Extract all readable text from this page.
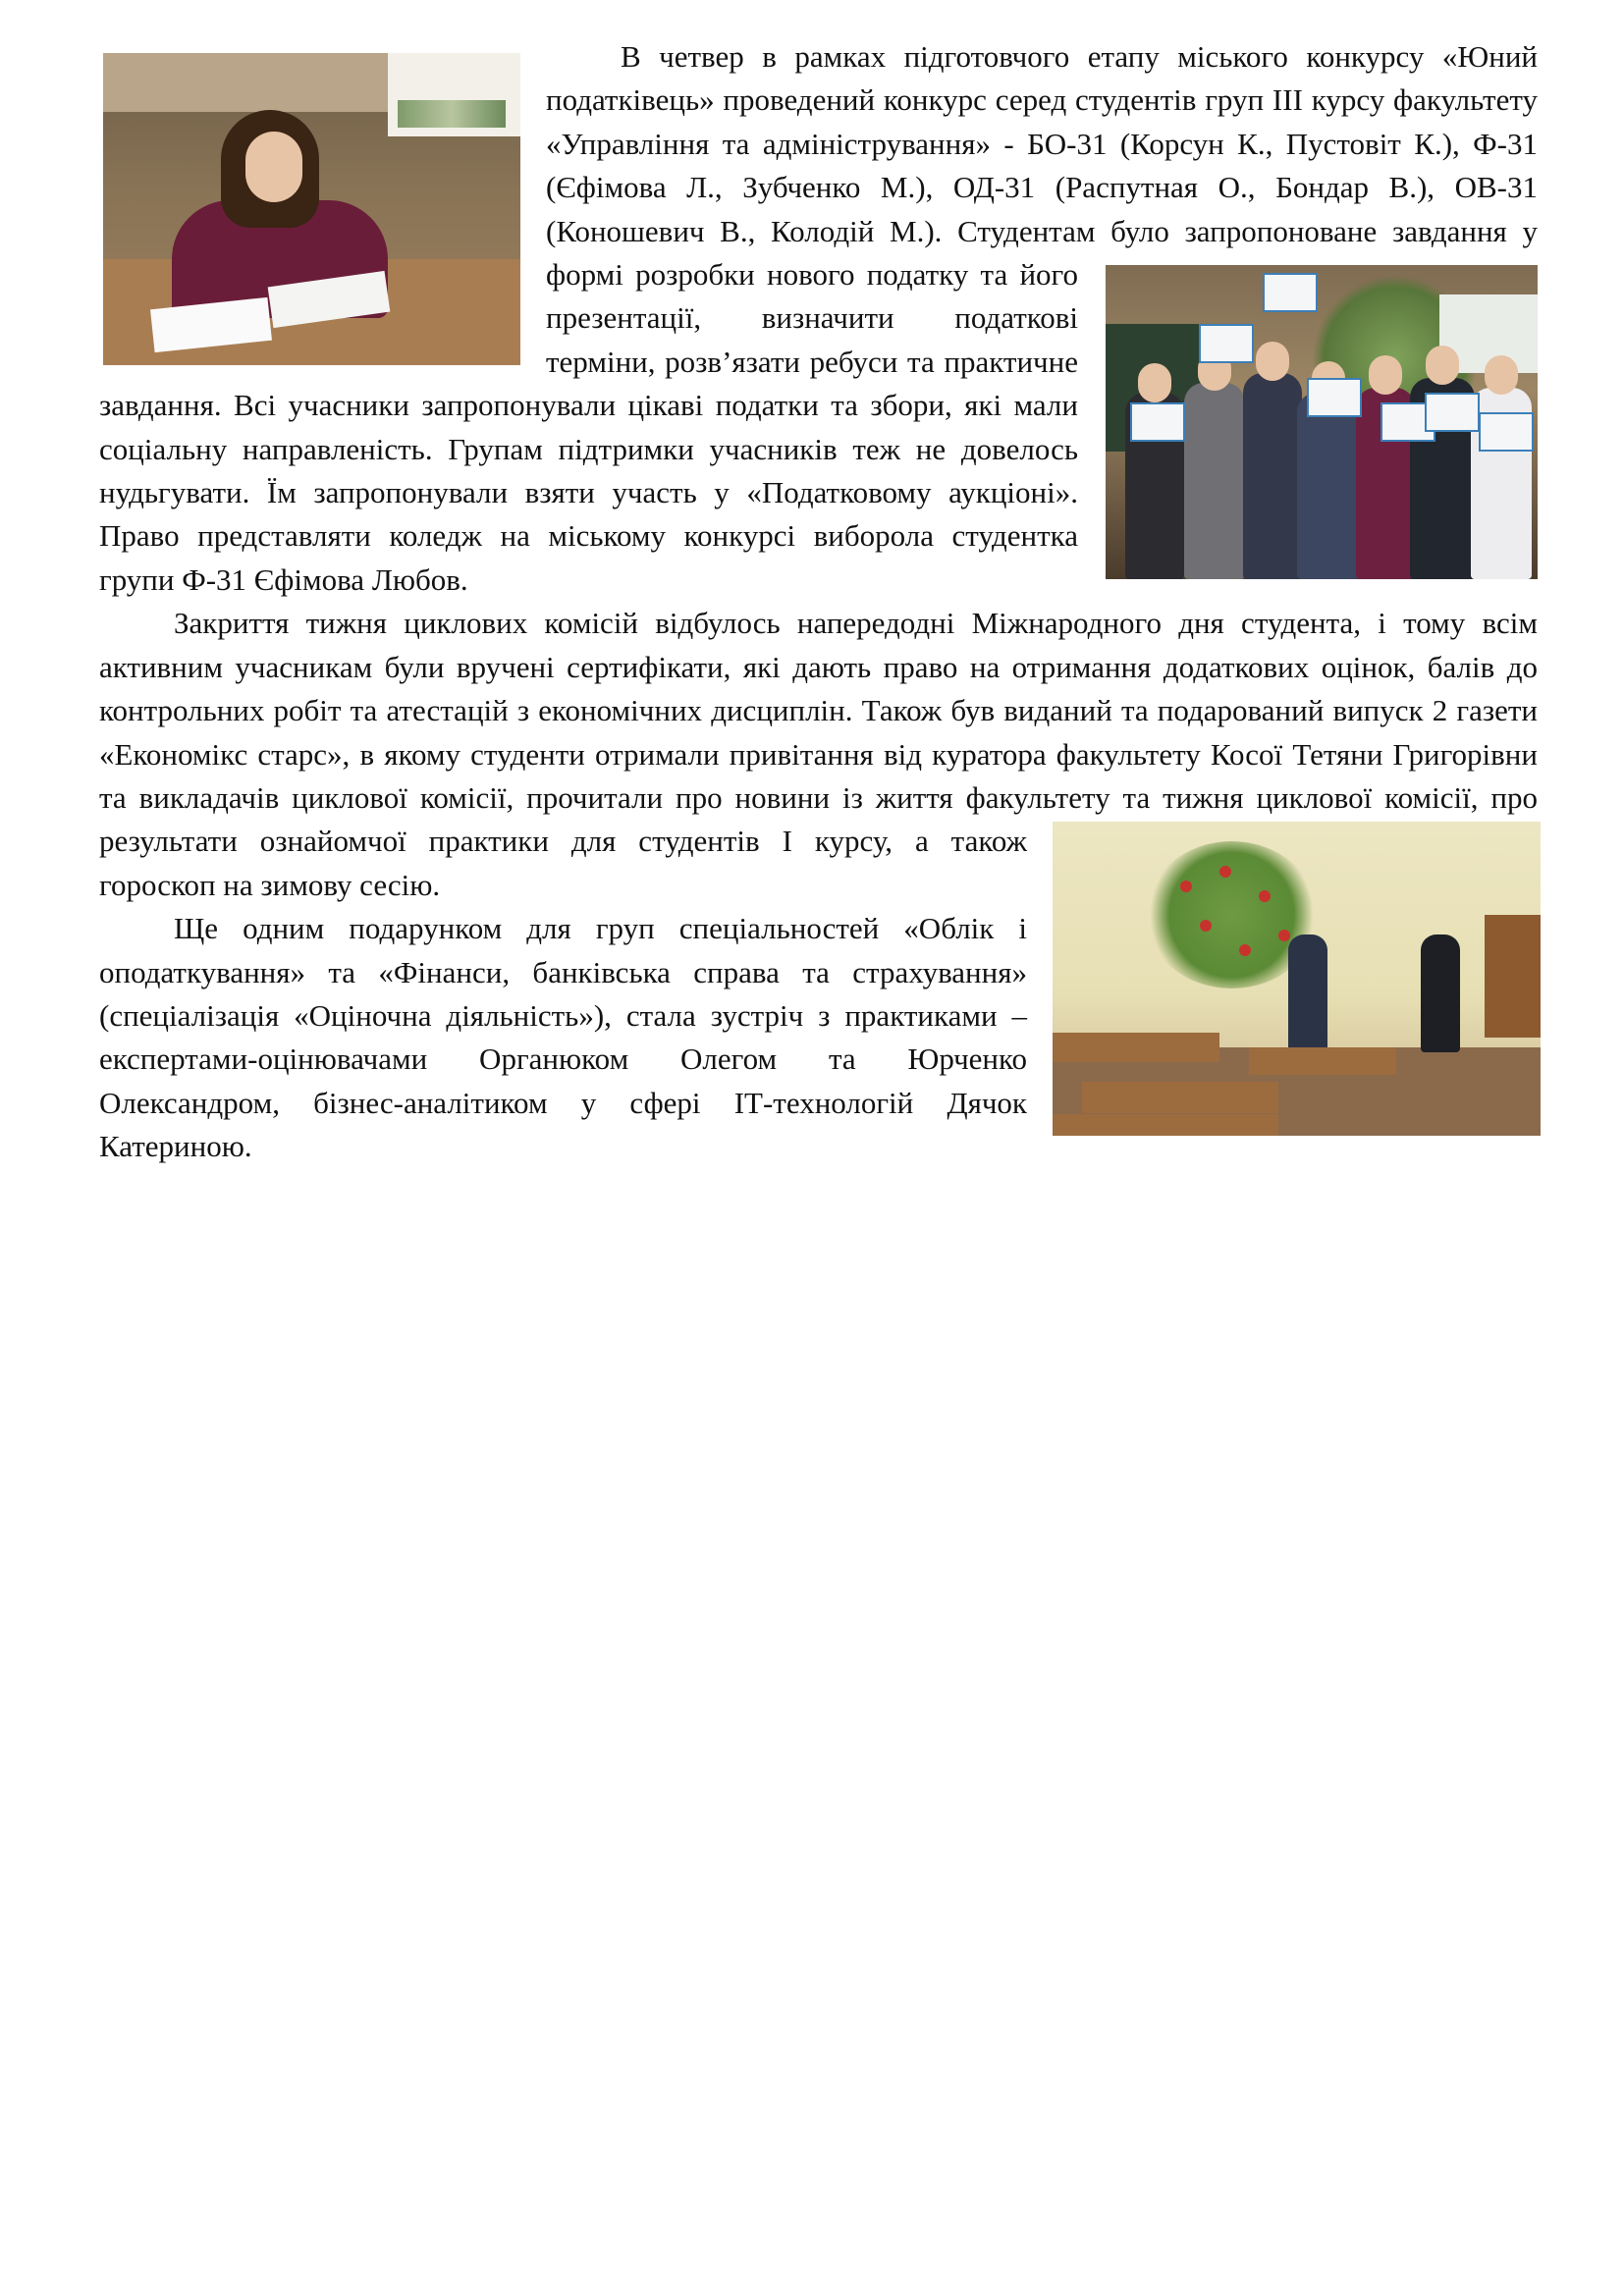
В четвер в рамках підготовчого етапу міського конкурсу «Юний податківець» проведений конкурс серед студентів груп ІІІ курсу факультету «Управління та адміністрування» - БО-31 (Корсун К., Пустовіт К.), Ф-31 (Єфімова Л., Зубченко М.), ОД-31 (Распутная О., Бондар В.), ОВ-31 (Коношевич В., Колодій М.). Студентам було
запропоноване завдання у формі розробки нового податку та його презентації, визначити податкові терміни, розв’язати ребуси та практичне завдання. Всі учасники запропонували цікаві податки та збори, які мали соціальну направленість. Групам підтримки учасників теж не довелось нудьгувати. Їм запропонували взяти участь у «Податковому аукціоні». Право представляти коледж на міському конкурсі виборола студентка групи Ф-31 Єфімова Любов.

Закриття тижня циклових комісій відбулось напередодні Міжнародного дня студента, і тому всім активним учасникам були вручені сертифікати, які дають право на отримання додаткових оцінок, балів до контрольних робіт та атестацій з економічних дисциплін. Також був виданий та подарований випуск 2 газети «Економікс старс», в якому студенти отримали привітання від куратора факультету Косої Тетяни Григорівни та викладачів циклової комісії, прочитали про новини із життя факультету та тижня циклової комісії, про результати ознайомчої практики для студентів І курсу, а
також гороскоп на зимову сесію.

Ще одним подарунком для груп спеціальностей «Облік і оподаткування» та «Фінанси, банківська справа та страхування» (спеціалізація «Оціночна діяльність»), стала зустріч з практиками – експертами-оцінювачами Органюком Олегом та Юрченко Олександром, бізнес-аналітиком у сфері ІТ-технологій Дячок Катериною.
